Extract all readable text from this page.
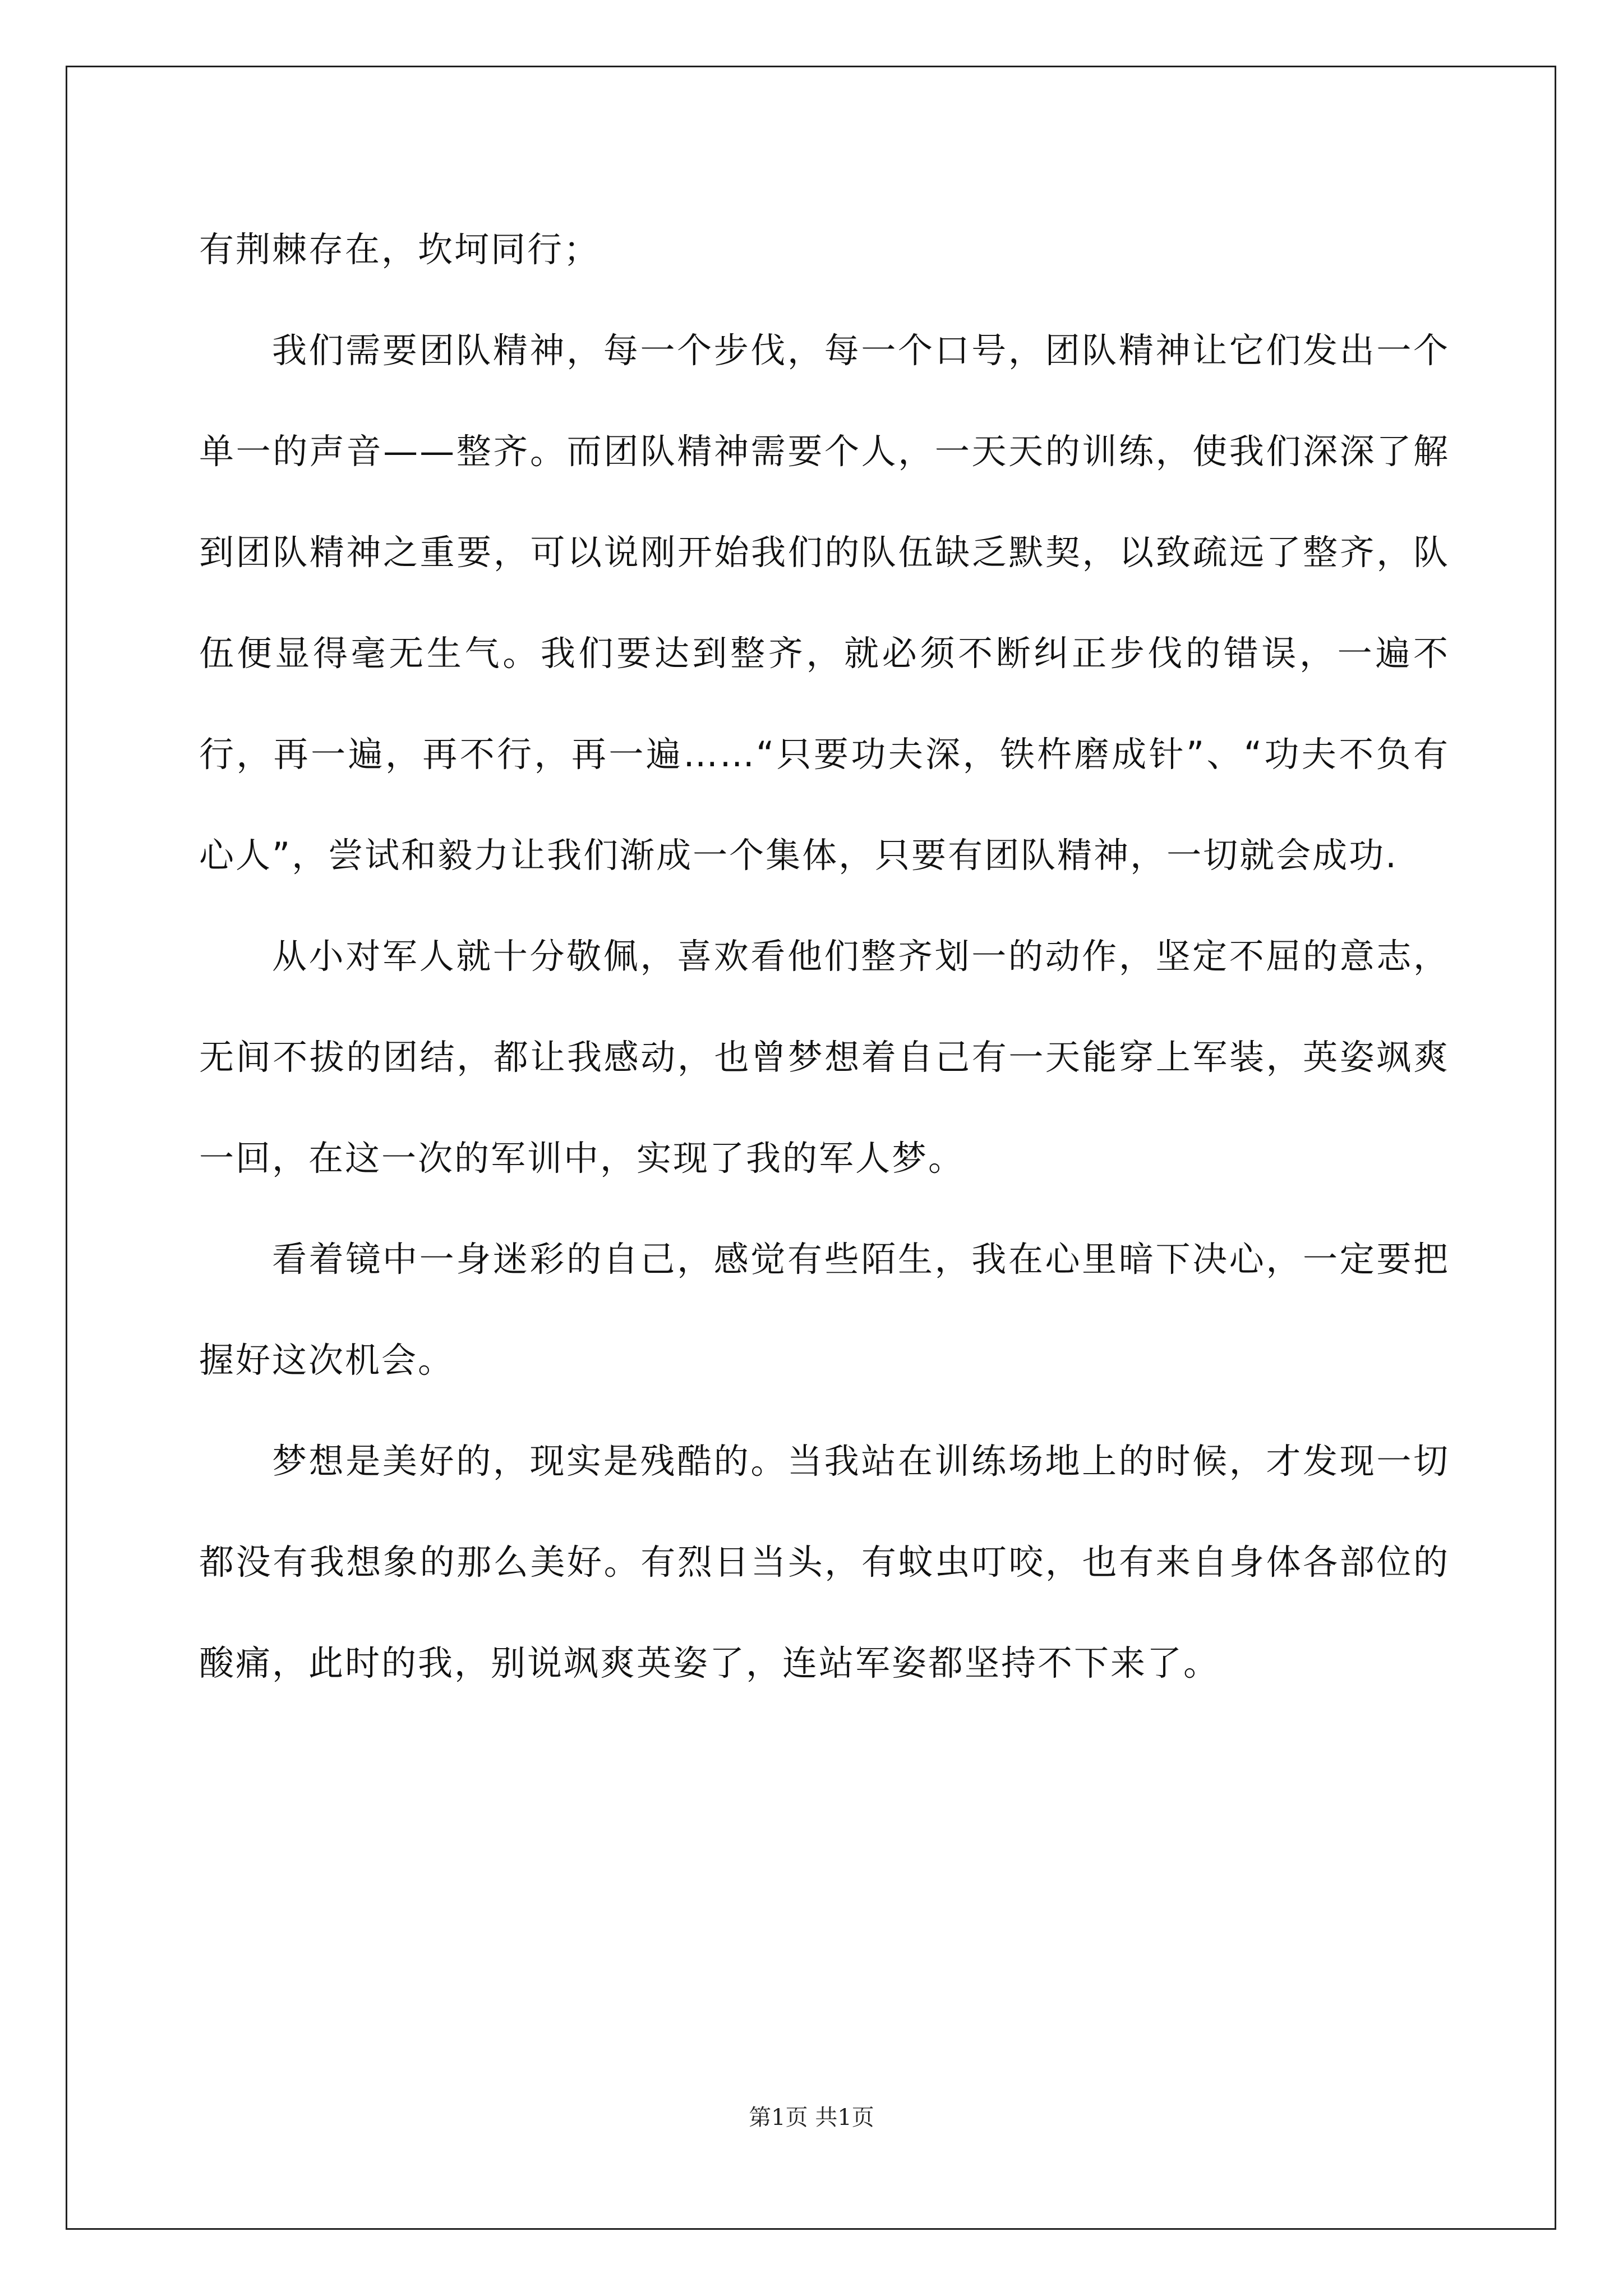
有荆棘存在，坎坷同行；

我们需要团队精神，每一个步伐，每一个口号，团队精神让它们发出一个单一的声音——整齐。而团队精神需要个人，一天天的训练，使我们深深了解到团队精神之重要，可以说刚开始我们的队伍缺乏默契，以致疏远了整齐，队伍便显得毫无生气。我们要达到整齐，就必须不断纠正步伐的错误，一遍不行，再一遍，再不行，再一遍……“只要功夫深，铁杵磨成针”、“功夫不负有心人”，尝试和毅力让我们渐成一个集体，只要有团队精神，一切就会成功.

从小对军人就十分敬佩，喜欢看他们整齐划一的动作，坚定不屈的意志，无间不拔的团结，都让我感动，也曾梦想着自己有一天能穿上军装，英姿飒爽一回，在这一次的军训中，实现了我的军人梦。

看着镜中一身迷彩的自己，感觉有些陌生，我在心里暗下决心，一定要把握好这次机会。

梦想是美好的，现实是残酷的。当我站在训练场地上的时候，才发现一切都没有我想象的那么美好。有烈日当头，有蚊虫叮咬，也有来自身体各部位的酸痛，此时的我，别说飒爽英姿了，连站军姿都坚持不下来了。

第1页 共1页
